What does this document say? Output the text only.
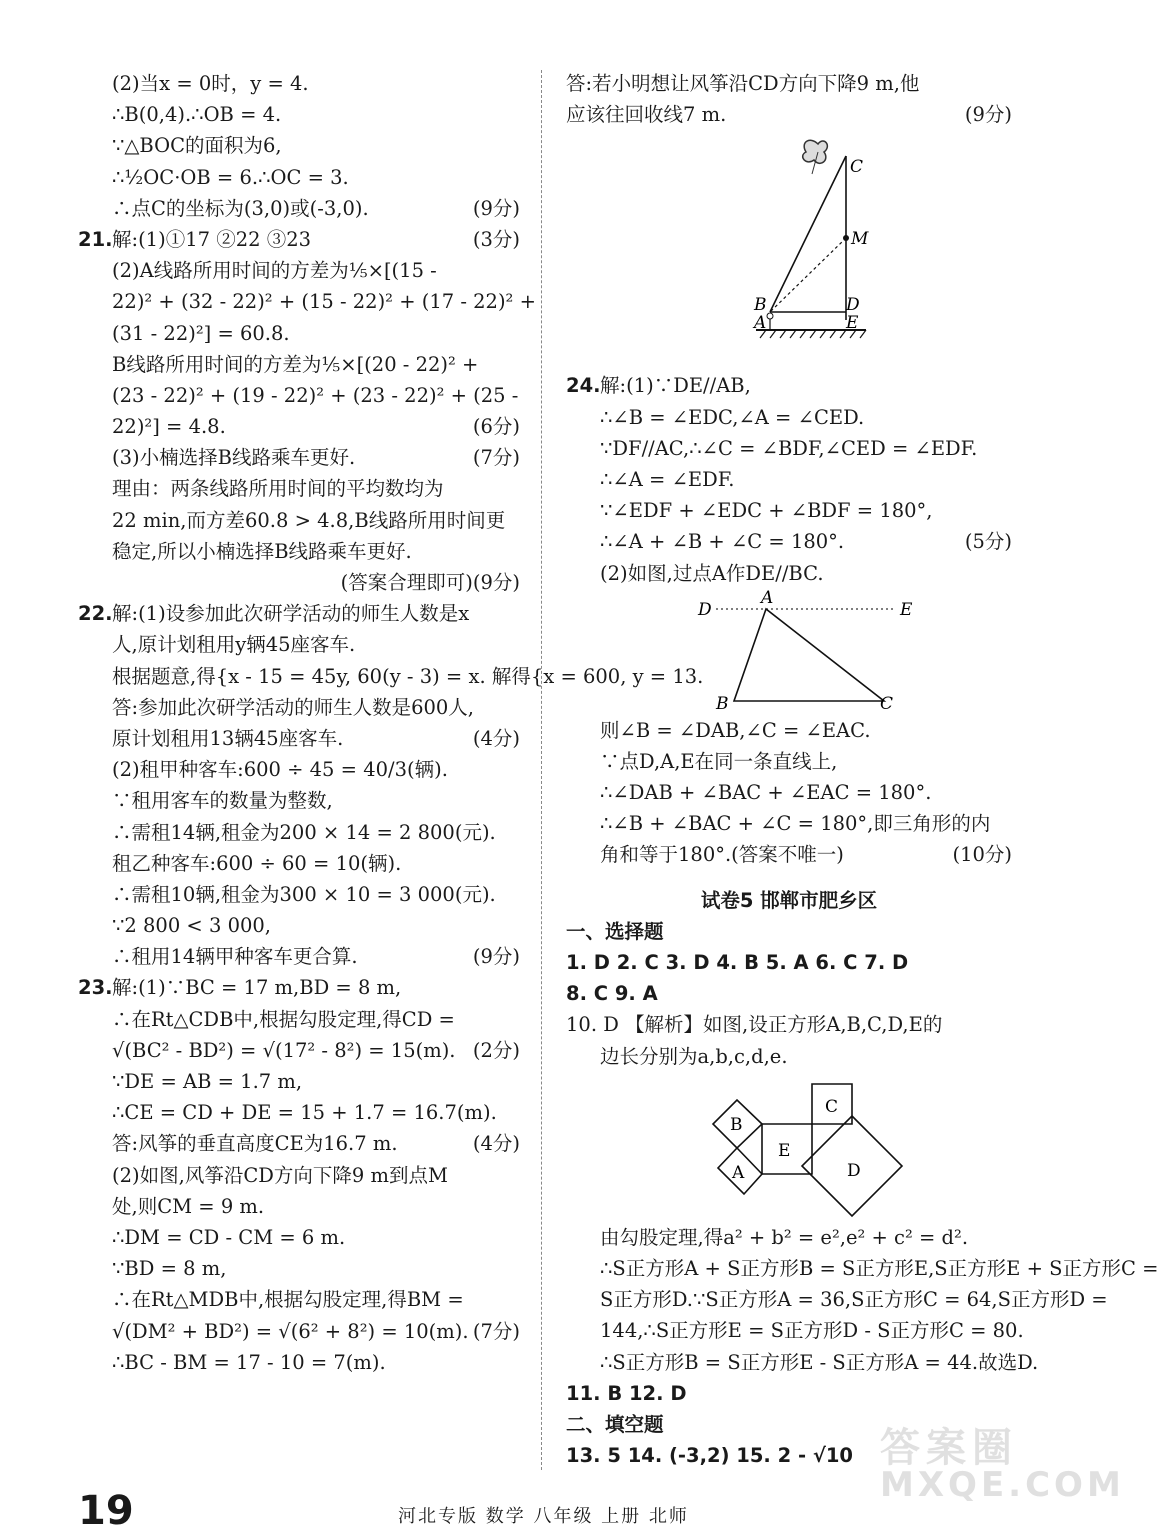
(2)当x = 0时，y = 4.
∴B(0,4).∴OB = 4.
∵△BOC的面积为6,
∴½OC·OB = 6.∴OC = 3.
∴点C的坐标为(3,0)或(-3,0).	(9分)
21.解:(1)①17 ②22 ③23	(3分)
(2)A线路所用时间的方差为⅕×[(15 -
22)² + (32 - 22)² + (15 - 22)² + (17 - 22)² +
(31 - 22)²] = 60.8.
B线路所用时间的方差为⅕×[(20 - 22)² +
(23 - 22)² + (19 - 22)² + (23 - 22)² + (25 -
22)²] = 4.8.	(6分)
(3)小楠选择B线路乘车更好.	(7分)
理由：两条线路所用时间的平均数均为
22 min,而方差60.8 > 4.8,B线路所用时间更
稳定,所以小楠选择B线路乘车更好.
(答案合理即可)(9分)
22.解:(1)设参加此次研学活动的师生人数是x
人,原计划租用y辆45座客车.
根据题意,得{x - 15 = 45y, 60(y - 3) = x. 解得{x = 600, y = 13.
答:参加此次研学活动的师生人数是600人,
原计划租用13辆45座客车.	(4分)
(2)租甲种客车:600 ÷ 45 = 40/3(辆).
∵租用客车的数量为整数,
∴需租14辆,租金为200 × 14 = 2 800(元).
租乙种客车:600 ÷ 60 = 10(辆).
∴需租10辆,租金为300 × 10 = 3 000(元).
∵2 800 < 3 000,
∴租用14辆甲种客车更合算.	(9分)
23.解:(1)∵BC = 17 m,BD = 8 m,
∴在Rt△CDB中,根据勾股定理,得CD =
√(BC² - BD²) = √(17² - 8²) = 15(m). (2分)
∵DE = AB = 1.7 m,
∴CE = CD + DE = 15 + 1.7 = 16.7(m).
答:风筝的垂直高度CE为16.7 m.	(4分)
(2)如图,风筝沿CD方向下降9 m到点M
处,则CM = 9 m.
∴DM = CD - CM = 6 m.
∵BD = 8 m,
∴在Rt△MDB中,根据勾股定理,得BM =
√(DM² + BD²) = √(6² + 8²) = 10(m). (7分)
∴BC - BM = 17 - 10 = 7(m).
答:若小明想让风筝沿CD方向下降9 m,他
应该往回收线7 m.	(9分)
C
M
B	D
A	E
24.解:(1)∵DE//AB,
∴∠B = ∠EDC,∠A = ∠CED.
∵DF//AC,∴∠C = ∠BDF,∠CED = ∠EDF.
∴∠A = ∠EDF.
∵∠EDF + ∠EDC + ∠BDF = 180°,
∴∠A + ∠B + ∠C = 180°.	(5分)
(2)如图,过点A作DE//BC.
D
A
E
B	C
则∠B = ∠DAB,∠C = ∠EAC.
∵点D,A,E在同一条直线上,
∴∠DAB + ∠BAC + ∠EAC = 180°.
∴∠B + ∠BAC + ∠C = 180°,即三角形的内
角和等于180°.(答案不唯一)	(10分)
试卷5 邯郸市肥乡区
一、选择题
1. D 2. C 3. D 4. B 5. A 6. C 7. D
8. C 9. A
10. D 【解析】如图,设正方形A,B,C,D,E的
边长分别为a,b,c,d,e.
B
E
C
A	D
由勾股定理,得a² + b² = e²,e² + c² = d².
∴S正方形A + S正方形B = S正方形E,S正方形E + S正方形C =
S正方形D.∵S正方形A = 36,S正方形C = 64,S正方形D =
144,∴S正方形E = S正方形D - S正方形C = 80.
∴S正方形B = S正方形E - S正方形A = 44.故选D.
11. B 12. D
二、填空题
13. 5 14. (-3,2) 15. 2 - √10 答案圈
MXQE.COM
19	河北专版 数学 八年级 上册 北师
